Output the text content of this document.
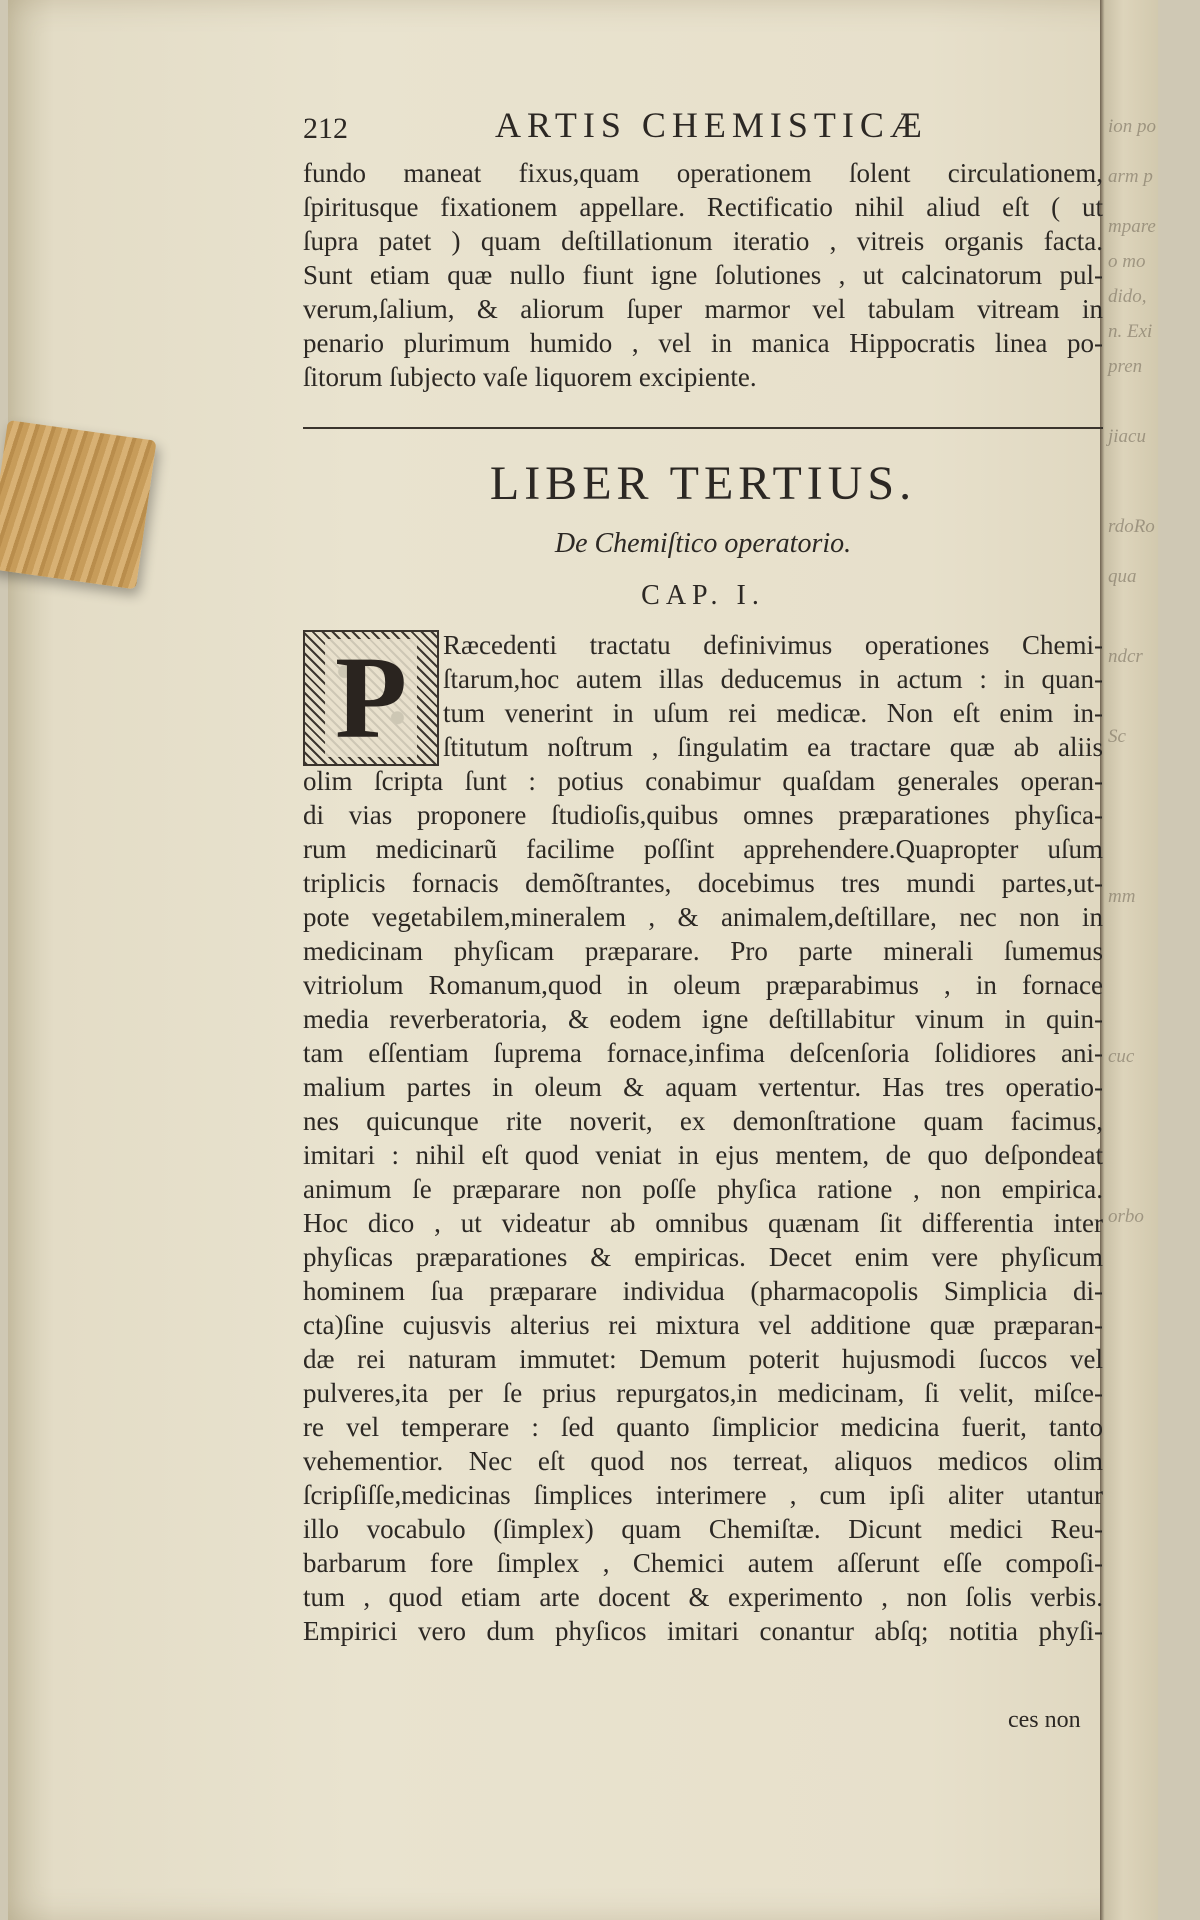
ion po
arm p
mpare
o mo
dido,
n. Exi
pren
jiacu
rdoRo
qua
ndcr
Sc
mm
cuc
orbo
212	ARTIS CHEMISTICÆ
fundo maneat fixus,quam operationem ſolent circulationem,
ſpiritusque fixationem appellare. Rectificatio nihil aliud eſt ( ut
ſupra patet ) quam deſtillationum iteratio , vitreis organis facta.
Sunt etiam quæ nullo fiunt igne ſolutiones , ut calcinatorum pul-
verum,ſalium, & aliorum ſuper marmor vel tabulam vitream in
penario plurimum humido , vel in manica Hippocratis linea po-
ſitorum ſubjecto vaſe liquorem excipiente.
LIBER TERTIUS.
De Chemiſtico operatorio.
CAP. I.
P	Ræcedenti tractatu definivimus operationes Chemi-
ſtarum,hoc autem illas deducemus in actum : in quan-
tum venerint in uſum rei medicæ. Non eſt enim in-
ſtitutum noſtrum , ſingulatim ea tractare quæ ab aliis
olim ſcripta ſunt : potius conabimur quaſdam generales operan-
di vias proponere ſtudioſis,quibus omnes præparationes phyſica-
rum medicinarũ facilime poſſint apprehendere.Quapropter uſum
triplicis fornacis demõſtrantes, docebimus tres mundi partes,ut-
pote vegetabilem,mineralem , & animalem,deſtillare, nec non in
medicinam phyſicam præparare. Pro parte minerali ſumemus
vitriolum Romanum,quod in oleum præparabimus , in fornace
media reverberatoria, & eodem igne deſtillabitur vinum in quin-
tam eſſentiam ſuprema fornace,infima deſcenſoria ſolidiores ani-
malium partes in oleum & aquam vertentur. Has tres operatio-
nes quicunque rite noverit, ex demonſtratione quam facimus,
imitari : nihil eſt quod veniat in ejus mentem, de quo deſpondeat
animum ſe præparare non poſſe phyſica ratione , non empirica.
Hoc dico , ut videatur ab omnibus quænam ſit differentia inter
phyſicas præparationes & empiricas. Decet enim vere phyſicum
hominem ſua præparare individua (pharmacopolis Simplicia di-
cta)ſine cujusvis alterius rei mixtura vel additione quæ præparan-
dæ rei naturam immutet: Demum poterit hujusmodi ſuccos vel
pulveres,ita per ſe prius repurgatos,in medicinam, ſi velit, miſce-
re vel temperare : ſed quanto ſimplicior medicina fuerit, tanto
vehementior. Nec eſt quod nos terreat, aliquos medicos olim
ſcripſiſſe,medicinas ſimplices interimere , cum ipſi aliter utantur
illo vocabulo (ſimplex) quam Chemiſtæ. Dicunt medici Reu-
barbarum fore ſimplex , Chemici autem aſſerunt eſſe compoſi-
tum , quod etiam arte docent & experimento , non ſolis verbis.
Empirici vero dum phyſicos imitari conantur abſq; notitia phyſi-
ces non
